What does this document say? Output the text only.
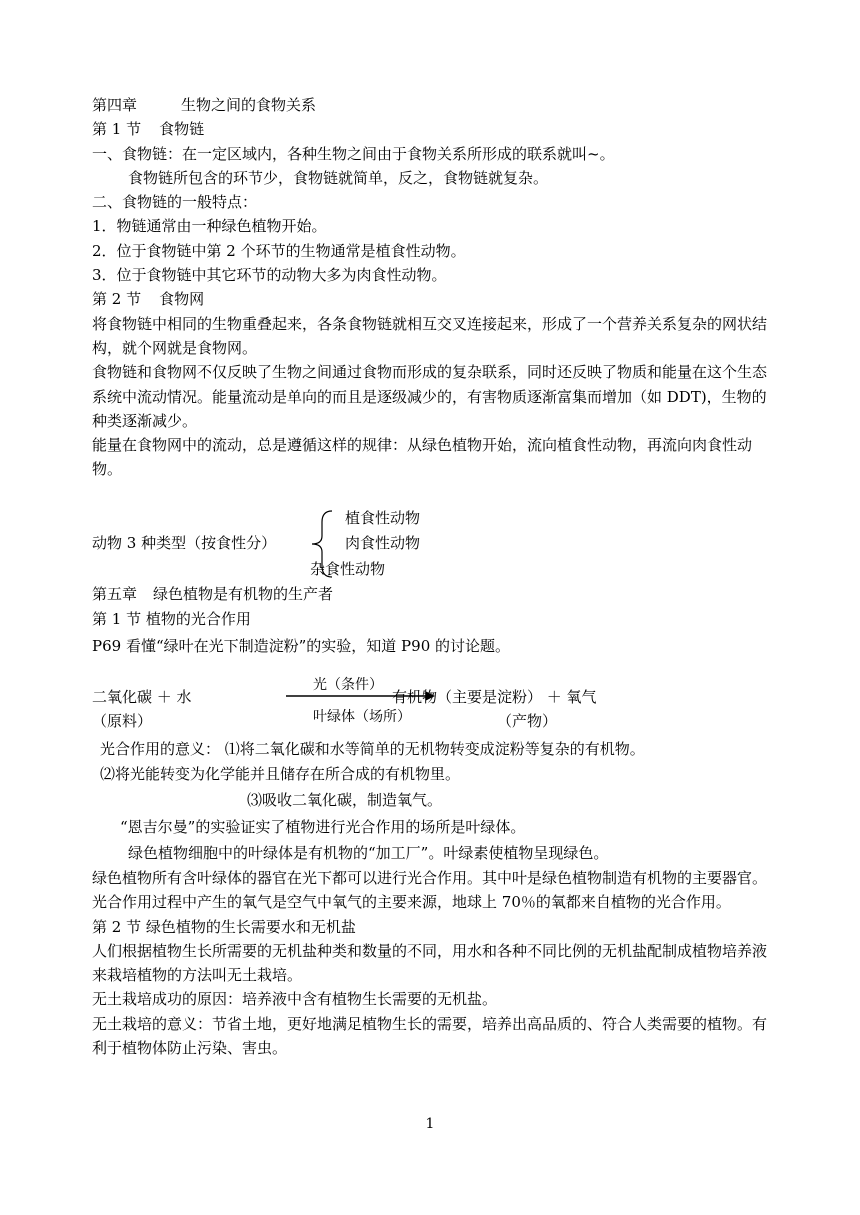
第四章	生物之间的食物关系
第 1 节 食物链
一、食物链：在一定区域内，各种生物之间由于食物关系所形成的联系就叫~。
食物链所包含的环节少，食物链就简单，反之，食物链就复杂。
二、食物链的一般特点：
1．物链通常由一种绿色植物开始。
2．位于食物链中第 2 个环节的生物通常是植食性动物。
3．位于食物链中其它环节的动物大多为肉食性动物。
第 2 节 食物网
将食物链中相同的生物重叠起来，各条食物链就相互交叉连接起来，形成了一个营养关系复杂的网状结构，就个网就是食物网。
食物链和食物网不仅反映了生物之间通过食物而形成的复杂联系，同时还反映了物质和能量在这个生态系统中流动情况。能量流动是单向的而且是逐级减少的，有害物质逐渐富集而增加（如 DDT)，生物的种类逐渐减少。
能量在食物网中的流动，总是遵循这样的规律：从绿色植物开始，流向植食性动物，再流向肉食性动物。
动物 3 种类型（按食性分）
植食性动物
肉食性动物
杂食性动物
第五章 绿色植物是有机物的生产者
第 1 节 植物的光合作用
P69 看懂“绿叶在光下制造淀粉”的实验，知道 P90 的讨论题。
二氧化碳 ＋ 水
光（条件）
叶绿体（场所）
有机物（主要是淀粉） ＋ 氧气
（原料）	（产物）
光合作用的意义： ⑴将二氧化碳和水等简单的无机物转变成淀粉等复杂的有机物。
⑵将光能转变为化学能并且储存在所合成的有机物里。
⑶吸收二氧化碳，制造氧气。
“恩吉尔曼”的实验证实了植物进行光合作用的场所是叶绿体。
绿色植物细胞中的叶绿体是有机物的“加工厂”。叶绿素使植物呈现绿色。
绿色植物所有含叶绿体的器官在光下都可以进行光合作用。其中叶是绿色植物制造有机物的主要器官。光合作用过程中产生的氧气是空气中氧气的主要来源，地球上 70％的氧都来自植物的光合作用。
第 2 节 绿色植物的生长需要水和无机盐
人们根据植物生长所需要的无机盐种类和数量的不同，用水和各种不同比例的无机盐配制成植物培养液来栽培植物的方法叫无土栽培。
无土栽培成功的原因：培养液中含有植物生长需要的无机盐。
无土栽培的意义：节省土地，更好地满足植物生长的需要，培养出高品质的、符合人类需要的植物。有利于植物体防止污染、害虫。
1
